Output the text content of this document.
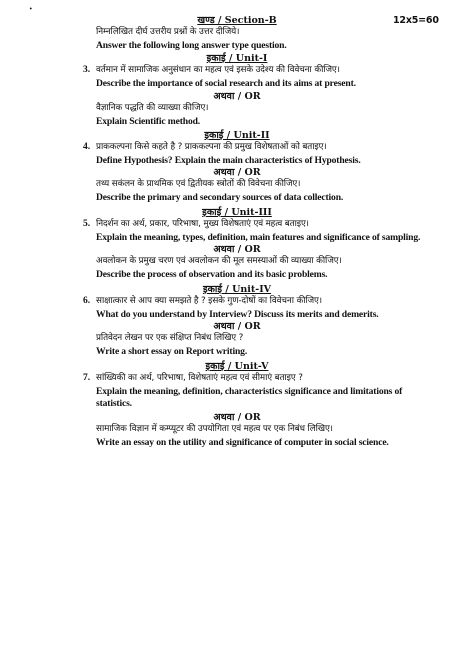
•
12x5=60
खण्ड / Section-B
निम्नलिखित दीर्घ उत्तरीय प्रश्नों के उत्तर दीजिये।
Answer the following long answer type question.
इकाई / Unit-I
3. वर्तमान में सामाजिक अनुसंधान का महत्व एवं इसके उदेश्य की विवेचना कीजिए।
Describe the importance of social research and its aims at present.
अथवा / OR
वैज्ञानिक पद्धति की व्याख्या कीजिए।
Explain Scientific method.
इकाई / Unit-II
4. प्राककल्पना किसे कहते है ? प्राककल्पना की प्रमुख विशेषताओं को बताइए।
Define Hypothesis? Explain the main characteristics of Hypothesis.
अथवा / OR
तथ्य सकंलन के प्राथमिक एवं द्वितीयक स्त्रोतों की विवेचना कीजिए।
Describe the primary and secondary sources of data collection.
इकाई / Unit-III
5. निदर्शन का अर्थ, प्रकार, परिभाषा, मुख्य विशेषताएं एवं महत्व बताइए।
Explain the meaning, types, definition, main features and significance of sampling.
अथवा / OR
अवलोकन के प्रमुख चरण एवं अवलोकन की मूल समस्याओं की व्याख्या कीजिए।
Describe the process of observation and its basic problems.
इकाई / Unit-IV
6. साक्षात्कार से आप क्या समझते है ? इसके गुण-दोषों का विवेचना कीजिए।
What do you understand by Interview? Discuss its merits and demerits.
अथवा / OR
प्रतिवेदन लेखन पर एक संक्षिप्त निबंध लिखिए ?
Write a short essay on Report writing.
इकाई / Unit-V
7. सांख्यिकी का अर्थ, परिभाषा, विशेषताएं महत्व एवं सीमाएं बताइए ?
Explain the meaning, definition, characteristics significance and limitations of
statistics.
अथवा / OR
सामाजिक विज्ञान में कम्प्यूटर की उपयोगिता एवं महत्व पर एक निबंध लिखिए।
Write an essay on the utility and significance of computer in social science.
